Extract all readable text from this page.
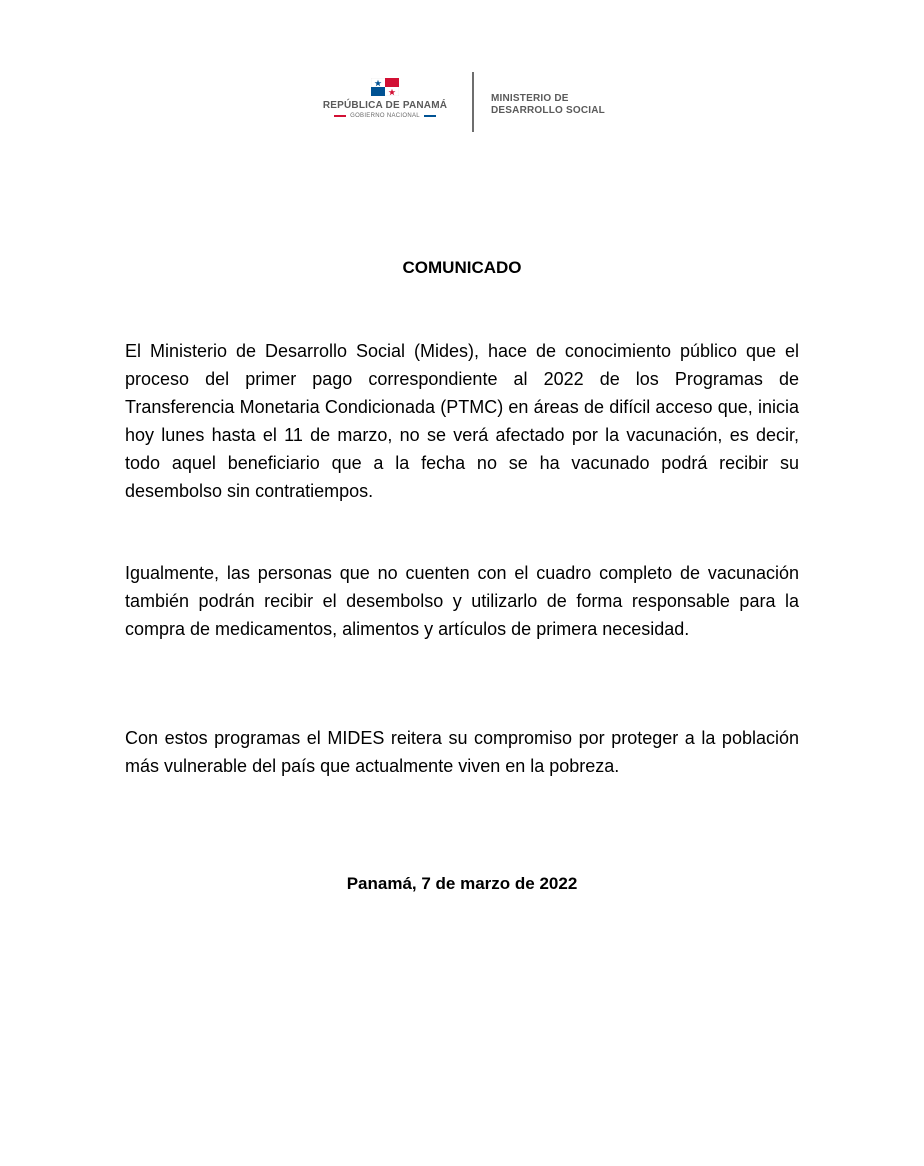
REPÚBLICA DE PANAMÁ
GOBIERNO NACIONAL
MINISTERIO DE
DESARROLLO SOCIAL
COMUNICADO

El Ministerio de Desarrollo Social (Mides), hace de conocimiento público que el proceso del primer pago correspondiente al 2022 de los Programas de Transferencia Monetaria Condicionada (PTMC) en áreas de difícil acceso que, inicia hoy lunes hasta el 11 de marzo, no se verá afectado por la vacunación, es decir, todo aquel beneficiario que a la fecha no se ha vacunado podrá recibir su desembolso sin contratiempos.

Igualmente, las personas que no cuenten con el cuadro completo de vacunación también podrán recibir el desembolso y utilizarlo de forma responsable para la compra de medicamentos, alimentos y artículos de primera necesidad.

Con estos programas el MIDES reitera su compromiso por proteger a la población más vulnerable del país que actualmente viven en la pobreza.

Panamá, 7 de marzo de 2022
